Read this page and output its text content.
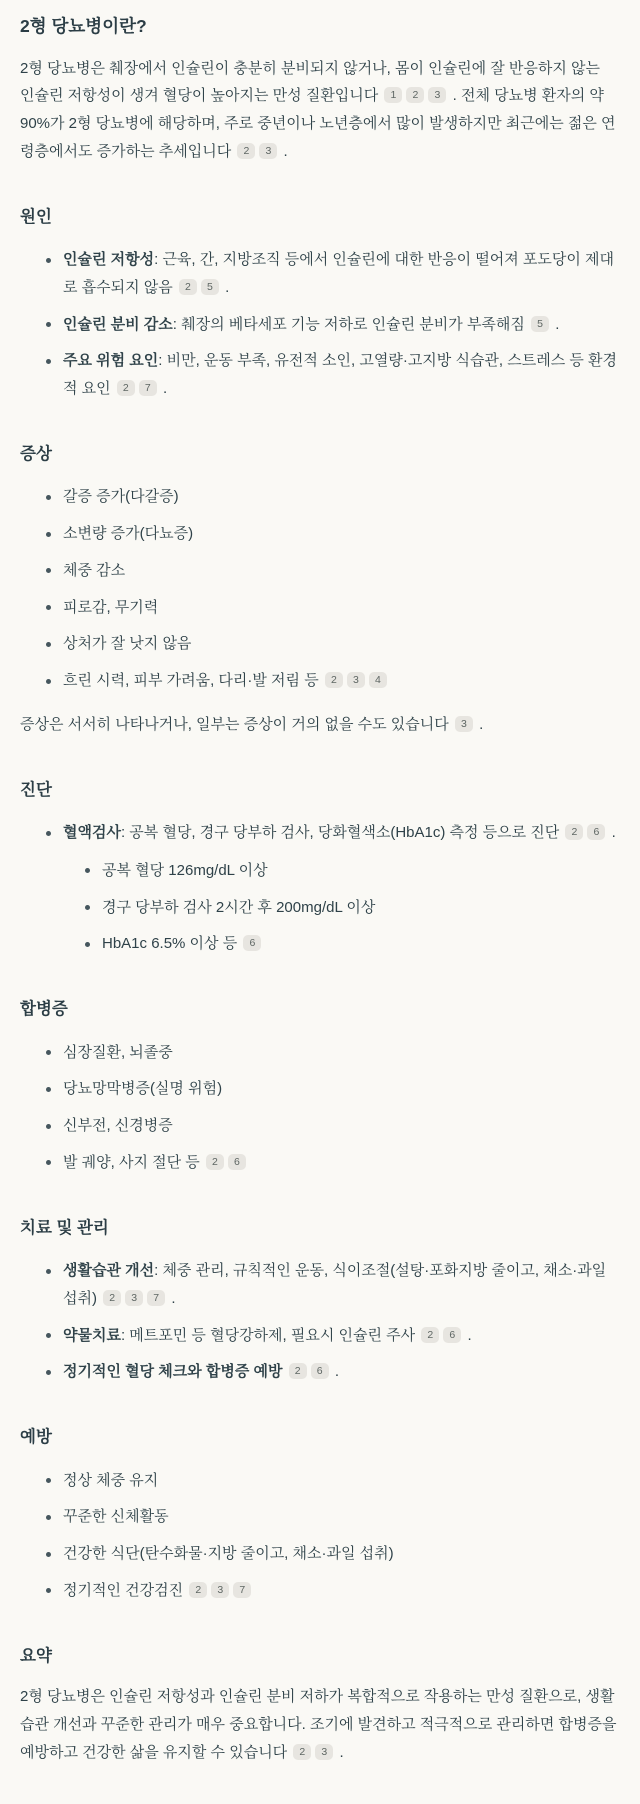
2형 당뇨병이란?

2형 당뇨병은 췌장에서 인슐린이 충분히 분비되지 않거나, 몸이 인슐린에 잘 반응하지 않는 인슐린 저항성이 생겨 혈당이 높아지는 만성 질환입니다 1 2 3 . 전체 당뇨병 환자의 약 90%가 2형 당뇨병에 해당하며, 주로 중년이나 노년층에서 많이 발생하지만 최근에는 젊은 연령층에서도 증가하는 추세입니다 2 3 .

원인
인슐린 저항성: 근육, 간, 지방조직 등에서 인슐린에 대한 반응이 떨어져 포도당이 제대로 흡수되지 않음 2 5 .
인슐린 분비 감소: 췌장의 베타세포 기능 저하로 인슐린 분비가 부족해짐 5 .
주요 위험 요인: 비만, 운동 부족, 유전적 소인, 고열량·고지방 식습관, 스트레스 등 환경적 요인 2 7 .
증상
갈증 증가(다갈증)
소변량 증가(다뇨증)
체중 감소
피로감, 무기력
상처가 잘 낫지 않음
흐린 시력, 피부 가려움, 다리·발 저림 등 2 3 4

증상은 서서히 나타나거나, 일부는 증상이 거의 없을 수도 있습니다 3 .

진단
혈액검사: 공복 혈당, 경구 당부하 검사, 당화혈색소(HbA1c) 측정 등으로 진단 2 6 .
공복 혈당 126mg/dL 이상
경구 당부하 검사 2시간 후 200mg/dL 이상
HbA1c 6.5% 이상 등 6
합병증
심장질환, 뇌졸중
당뇨망막병증(실명 위험)
신부전, 신경병증
발 궤양, 사지 절단 등 2 6
치료 및 관리
생활습관 개선: 체중 관리, 규칙적인 운동, 식이조절(설탕·포화지방 줄이고, 채소·과일 섭취) 2 3 7 .
약물치료: 메트포민 등 혈당강하제, 필요시 인슐린 주사 2 6 .
정기적인 혈당 체크와 합병증 예방 2 6 .
예방
정상 체중 유지
꾸준한 신체활동
건강한 식단(탄수화물·지방 줄이고, 채소·과일 섭취)
정기적인 건강검진 2 3 7
요약

2형 당뇨병은 인슐린 저항성과 인슐린 분비 저하가 복합적으로 작용하는 만성 질환으로, 생활습관 개선과 꾸준한 관리가 매우 중요합니다. 조기에 발견하고 적극적으로 관리하면 합병증을 예방하고 건강한 삶을 유지할 수 있습니다 2 3 .
